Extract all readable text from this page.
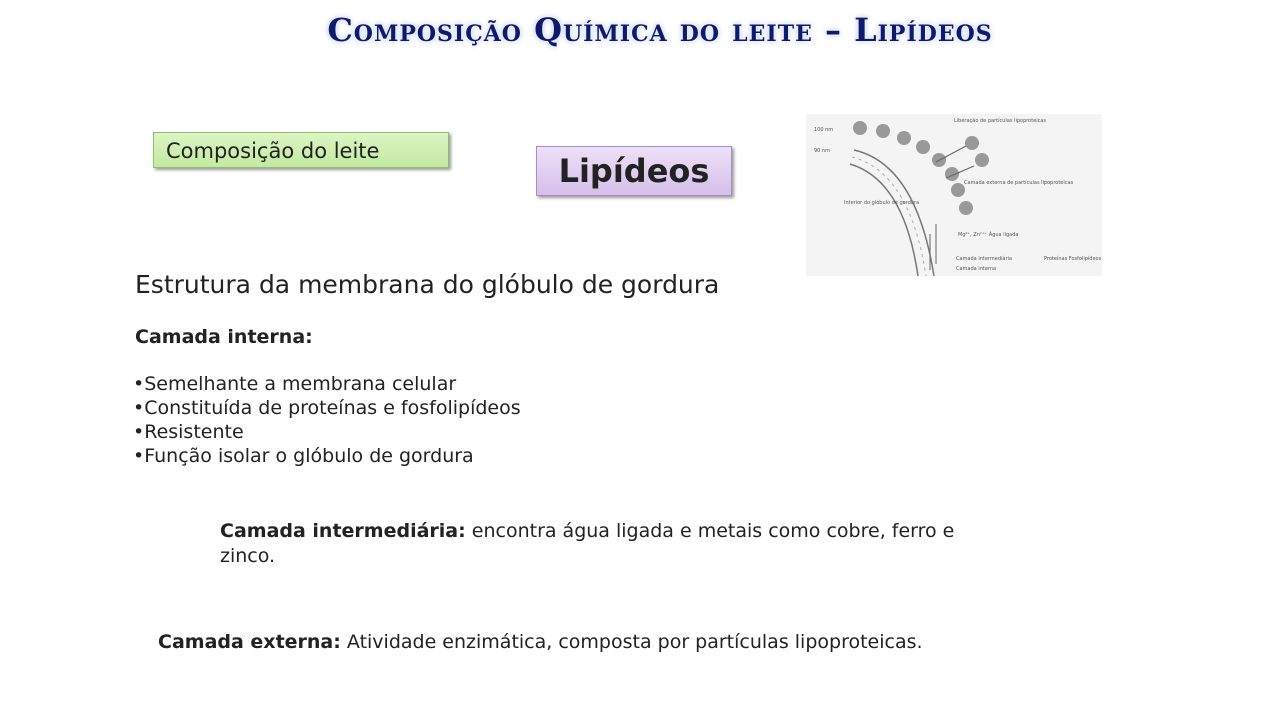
Composição Química do leite – Lipídeos
Composição do leite
Lipídeos
100 nm
90 nm
Liberação de partículas lipoproteicas
Camada externa de partículas lipoproteicas
Interior do glóbulo de gordura
Mg²⁺, Zn²⁺⁺ Água ligada
Camada intermediária
Camada interna
Proteínas Fosfolipídeos
Estrutura da membrana do glóbulo de gordura
Camada interna:
• Semelhante a membrana celular
• Constituída de proteínas e fosfolipídeos
• Resistente
• Função isolar o glóbulo de gordura
Camada intermediária: encontra água ligada e metais como cobre, ferro e zinco.
Camada externa: Atividade enzimática, composta por partículas lipoproteicas.
